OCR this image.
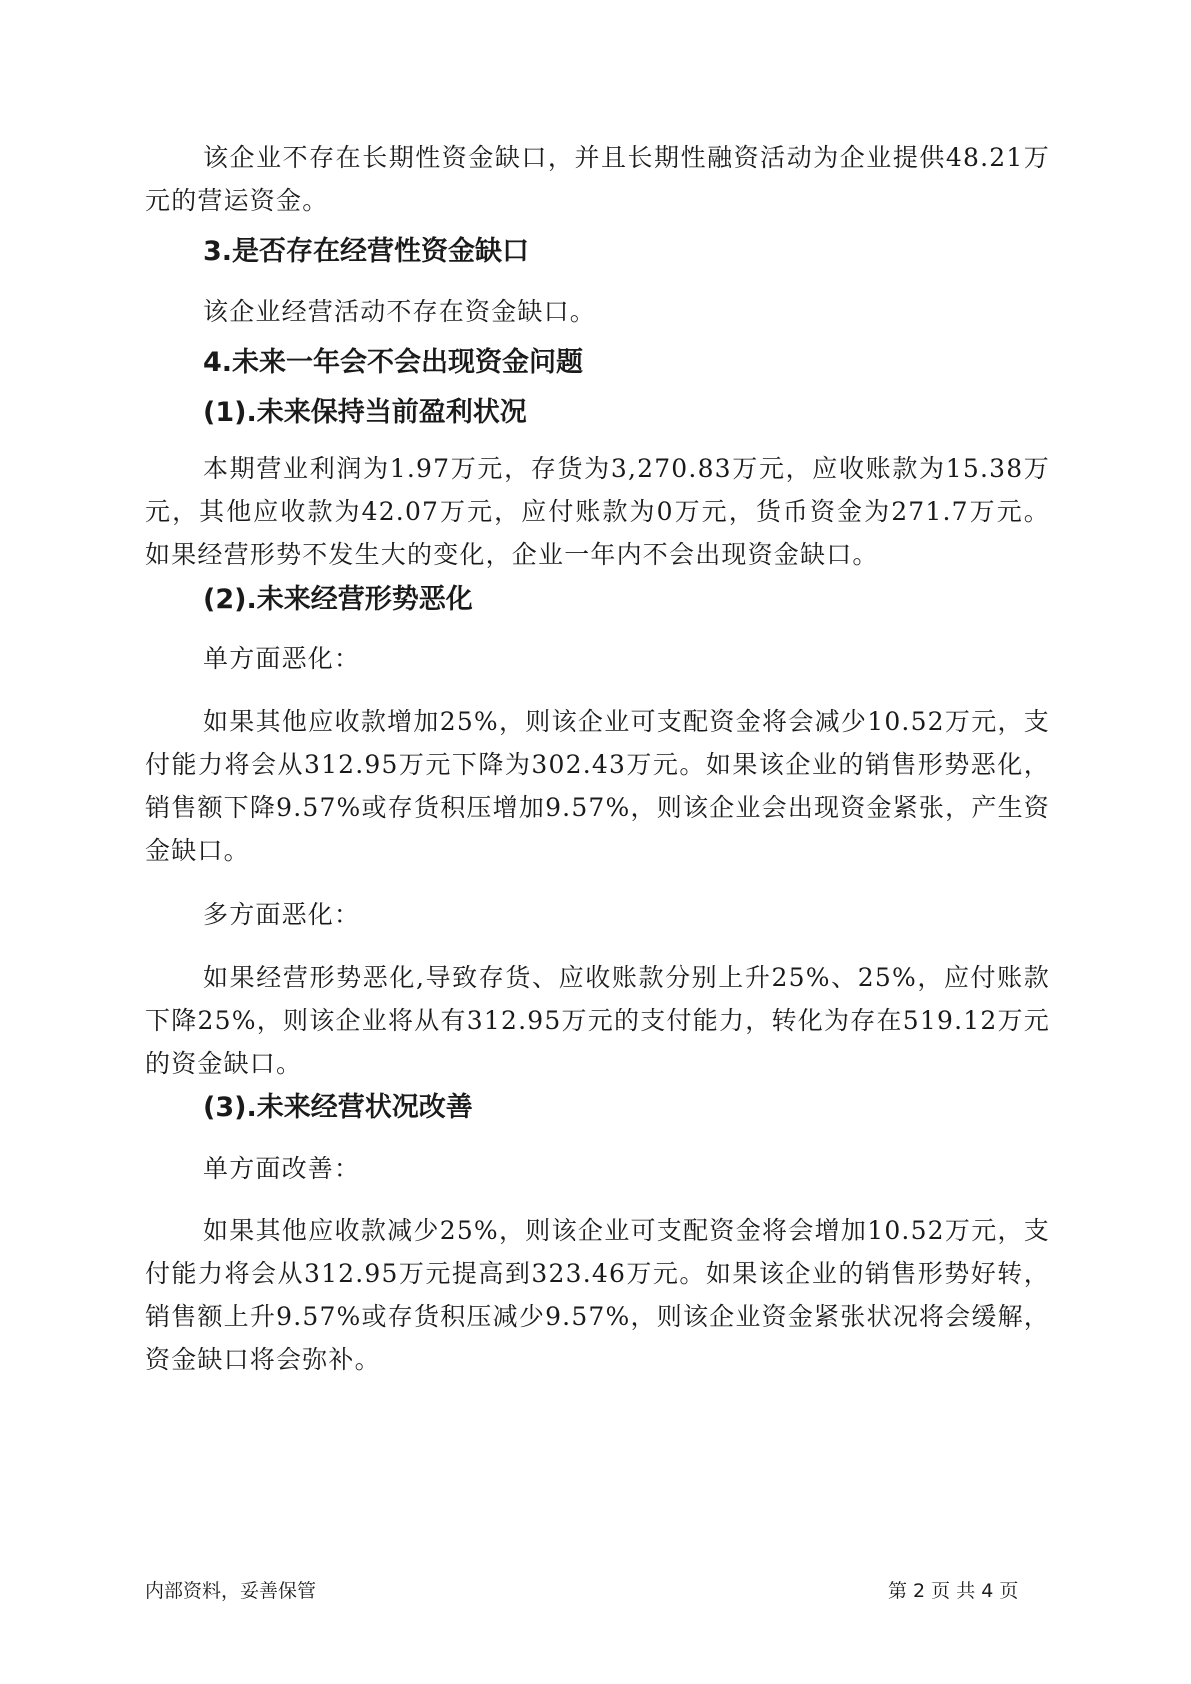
该企业不存在长期性资金缺口，并且长期性融资活动为企业提供48.21万元的营运资金。

3.是否存在经营性资金缺口

该企业经营活动不存在资金缺口。

4.未来一年会不会出现资金问题
(1).未来保持当前盈利状况

本期营业利润为1.97万元，存货为3,270.83万元，应收账款为15.38万元，其他应收款为42.07万元，应付账款为0万元，货币资金为271.7万元。如果经营形势不发生大的变化，企业一年内不会出现资金缺口。

(2).未来经营形势恶化

单方面恶化：

如果其他应收款增加25%，则该企业可支配资金将会减少10.52万元，支付能力将会从312.95万元下降为302.43万元。如果该企业的销售形势恶化，销售额下降9.57%或存货积压增加9.57%，则该企业会出现资金紧张，产生资金缺口。

多方面恶化：

如果经营形势恶化,导致存货、应收账款分别上升25%、25%，应付账款下降25%，则该企业将从有312.95万元的支付能力，转化为存在519.12万元的资金缺口。

(3).未来经营状况改善

单方面改善：

如果其他应收款减少25%，则该企业可支配资金将会增加10.52万元，支付能力将会从312.95万元提高到323.46万元。如果该企业的销售形势好转，销售额上升9.57%或存货积压减少9.57%，则该企业资金紧张状况将会缓解，资金缺口将会弥补。

内部资料，妥善保管	第 2 页 共 4 页
